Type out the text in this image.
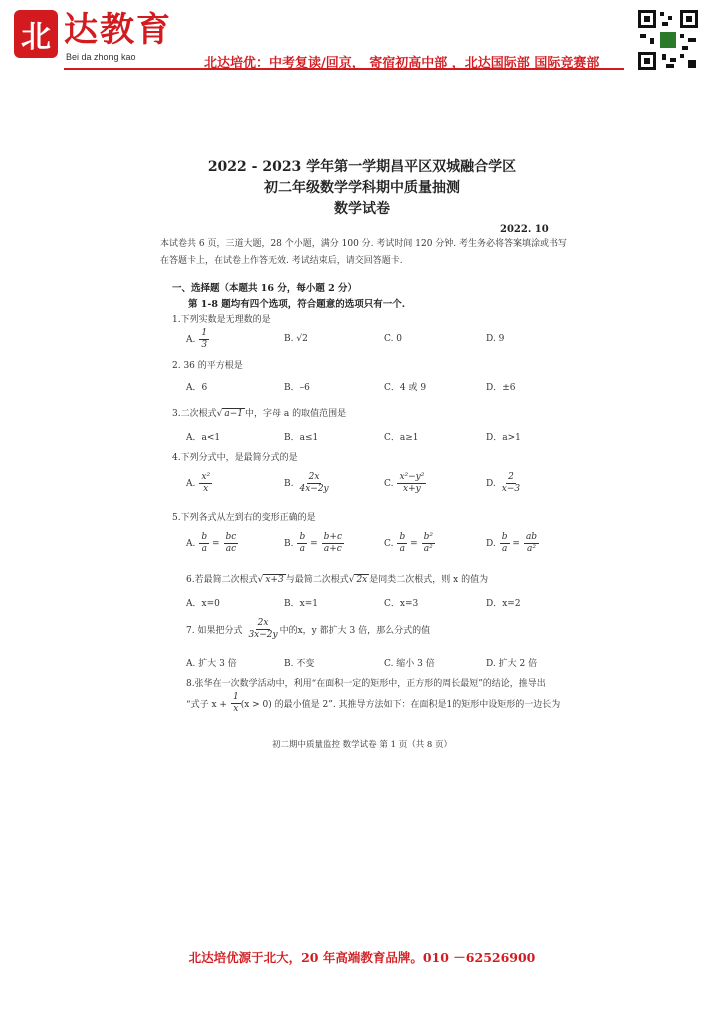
北 达教育
Bei da zhong kao	北达培优：中考复读/回京， 寄宿初高中部 ，北达国际部 国际竞赛部
2022 - 2023 学年第一学期昌平区双城融合学区
初二年级数学学科期中质量抽测
数学试卷
2022. 10
本试卷共 6 页，三道大题，28 个小题，满分 100 分. 考试时间 120 分钟. 考生务必将答案填涂或书写在答题卡上，在试卷上作答无效. 考试结束后，请交回答题卡.
一、选择题（本题共 16 分，每小题 2 分）
第 1-8 题均有四个选项，符合题意的选项只有一个.
1.下列实数是无理数的是
A. $\frac{1}{3}$	B.
√2	C. 0	D. 9
2. 36 的平方根是
A．6	B．–6	C．4 或 9	D．±6
3.二次根式√ a−1 中，字母 a 的取值范围是
A．a<1	B．a≤1	C．a≥1	D．a>1
4.下列分式中，是最简分式的是
A. $\frac{\text{x²}}{x}$	B. $\frac{2x}{4x-2y}$	C. $\frac{\text{x²−y²}}{x+y}$	D. $\frac{2}{x-3}$
5.下列各式从左到右的变形正确的是
A. $\frac{b}{a} = \frac{bc}{ac}$	B. $\frac{b}{a} = \frac{b+c}{a+c}$	C. $\frac{b}{a} = \frac{\text{b²}}{\text{a²}}$	D. $\frac{b}{a} = \frac{ab}{\text{a²}}$
6.若最简二次根式√ x+3 与最简二次根式√ 2x 是同类二次根式，则 x 的值为
A．x=0	B．x=1	C．x=3	D．x=2
7. 如果把分式 $\frac{2x}{3x-2y}$ 中的x，y 都扩大 3 倍，那么分式的值
A. 扩大 3 倍	B. 不变	C. 缩小 3 倍	D. 扩大 2 倍
8.张华在一次数学活动中，利用“在面积一定的矩形中，正方形的周长最短”的结论，推导出
“式子 $x + \frac{1}{x} (x > 0)$ 的最小值是 2”. 其推导方法如下：在面积是1的矩形中设矩形的一边长为
初二期中质量监控 数学试卷 第 1 页（共 8 页）
北达培优源于北大，20 年高端教育品牌。010 －62526900
